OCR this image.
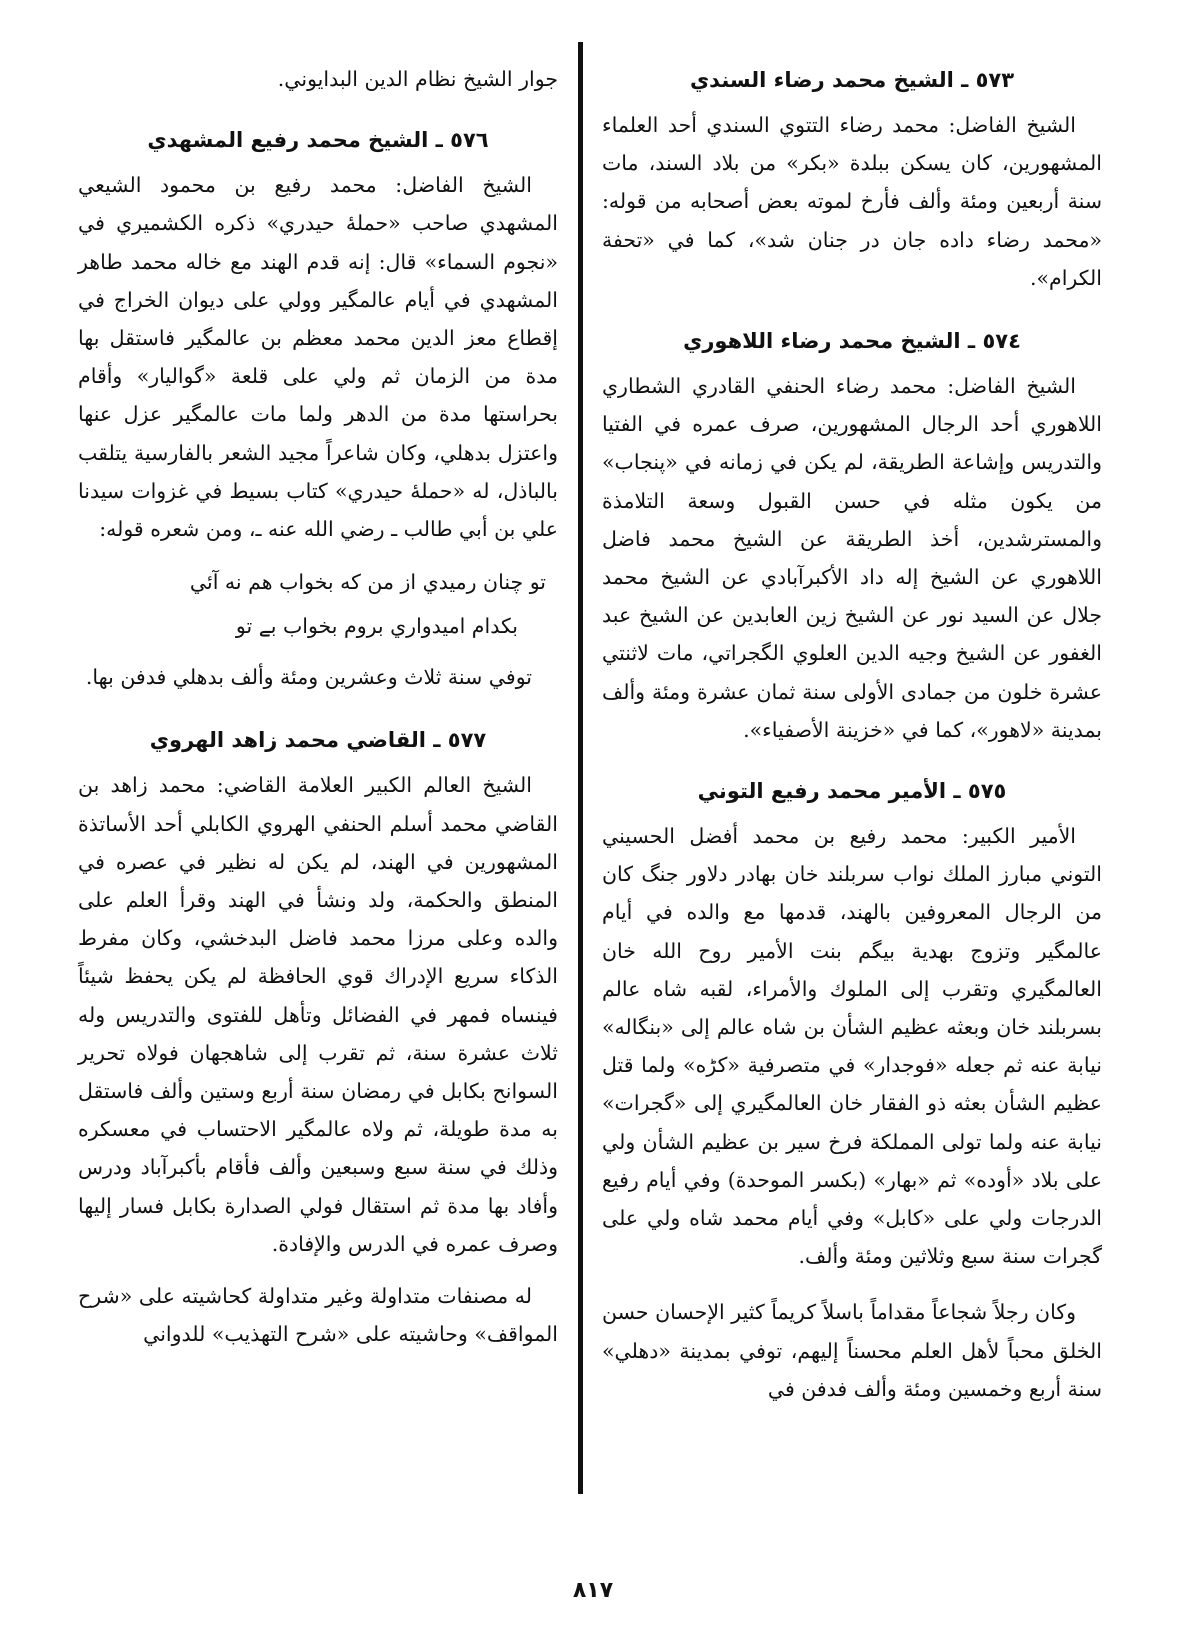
٥٧٣ ـ الشيخ محمد رضاء السندي

الشيخ الفاضل: محمد رضاء التتوي السندي أحد العلماء المشهورين، كان يسكن ببلدة «بكر» من بلاد السند، مات سنة أربعين ومئة وألف فأرخ لموته بعض أصحابه من قوله: «محمد رضاء داده جان در جنان شد»، كما في «تحفة الكرام».

٥٧٤ ـ الشيخ محمد رضاء اللاهوري

الشيخ الفاضل: محمد رضاء الحنفي القادري الشطاري اللاهوري أحد الرجال المشهورين، صرف عمره في الفتيا والتدريس وإشاعة الطريقة، لم يكن في زمانه في «پنجاب» من يكون مثله في حسن القبول وسعة التلامذة والمسترشدين، أخذ الطريقة عن الشيخ محمد فاضل اللاهوري عن الشيخ إله داد الأكبرآبادي عن الشيخ محمد جلال عن السيد نور عن الشيخ زين العابدين عن الشيخ عبد الغفور عن الشيخ وجيه الدين العلوي الگجراتي، مات لاثنتي عشرة خلون من جمادى الأولى سنة ثمان عشرة ومئة وألف بمدينة «لاهور»، كما في «خزينة الأصفياء».

٥٧٥ ـ الأمير محمد رفيع التوني

الأمير الكبير: محمد رفيع بن محمد أفضل الحسيني التوني مبارز الملك نواب سربلند خان بهادر دلاور جنگ كان من الرجال المعروفين بالهند، قدمها مع والده في أيام عالمگير وتزوج بهدية بيگم بنت الأمير روح الله خان العالمگيري وتقرب إلى الملوك والأمراء، لقبه شاه عالم بسربلند خان وبعثه عظيم الشأن بن شاه عالم إلى «بنگاله» نيابة عنه ثم جعله «فوجدار» في متصرفية «كڑه» ولما قتل عظيم الشأن بعثه ذو الفقار خان العالمگيري إلى «گجرات» نيابة عنه ولما تولى المملكة فرخ سير بن عظيم الشأن ولي على بلاد «أوده» ثم «بهار» (بكسر الموحدة) وفي أيام رفيع الدرجات ولي على «كابل» وفي أيام محمد شاه ولي على گجرات سنة سبع وثلاثين ومئة وألف.

وكان رجلاً شجاعاً مقداماً باسلاً كريماً كثير الإحسان حسن الخلق محباً لأهل العلم محسناً إليهم، توفي بمدينة «دهلي» سنة أربع وخمسين ومئة وألف فدفن في

جوار الشيخ نظام الدين البدايوني.

٥٧٦ ـ الشيخ محمد رفيع المشهدي

الشيخ الفاضل: محمد رفيع بن محمود الشيعي المشهدي صاحب «حملهٔ حيدري» ذكره الكشميري في «نجوم السماء» قال: إنه قدم الهند مع خاله محمد طاهر المشهدي في أيام عالمگير وولي على ديوان الخراج في إقطاع معز الدين محمد معظم بن عالمگير فاستقل بها مدة من الزمان ثم ولي على قلعة «گواليار» وأقام بحراستها مدة من الدهر ولما مات عالمگير عزل عنها واعتزل بدهلي، وكان شاعراً مجيد الشعر بالفارسية يتلقب بالباذل، له «حملهٔ حيدري» كتاب بسيط في غزوات سيدنا علي بن أبي طالب ـ رضي الله عنه ـ، ومن شعره قوله:

تو چنان رميدي از من كه بخواب هم نه آئي
بكدام اميدواري بروم بخواب بے تو

توفي سنة ثلاث وعشرين ومئة وألف بدهلي فدفن بها.

٥٧٧ ـ القاضي محمد زاهد الهروي

الشيخ العالم الكبير العلامة القاضي: محمد زاهد بن القاضي محمد أسلم الحنفي الهروي الكابلي أحد الأساتذة المشهورين في الهند، لم يكن له نظير في عصره في المنطق والحكمة، ولد ونشأ في الهند وقرأ العلم على والده وعلى مرزا محمد فاضل البدخشي، وكان مفرط الذكاء سريع الإدراك قوي الحافظة لم يكن يحفظ شيئاً فينساه فمهر في الفضائل وتأهل للفتوى والتدريس وله ثلاث عشرة سنة، ثم تقرب إلى شاهجهان فولاه تحرير السوانح بكابل في رمضان سنة أربع وستين وألف فاستقل به مدة طويلة، ثم ولاه عالمگير الاحتساب في معسكره وذلك في سنة سبع وسبعين وألف فأقام بأكبرآباد ودرس وأفاد بها مدة ثم استقال فولي الصدارة بكابل فسار إليها وصرف عمره في الدرس والإفادة.

له مصنفات متداولة وغير متداولة كحاشيته على «شرح المواقف» وحاشيته على «شرح التهذيب» للدواني

٨١٧
